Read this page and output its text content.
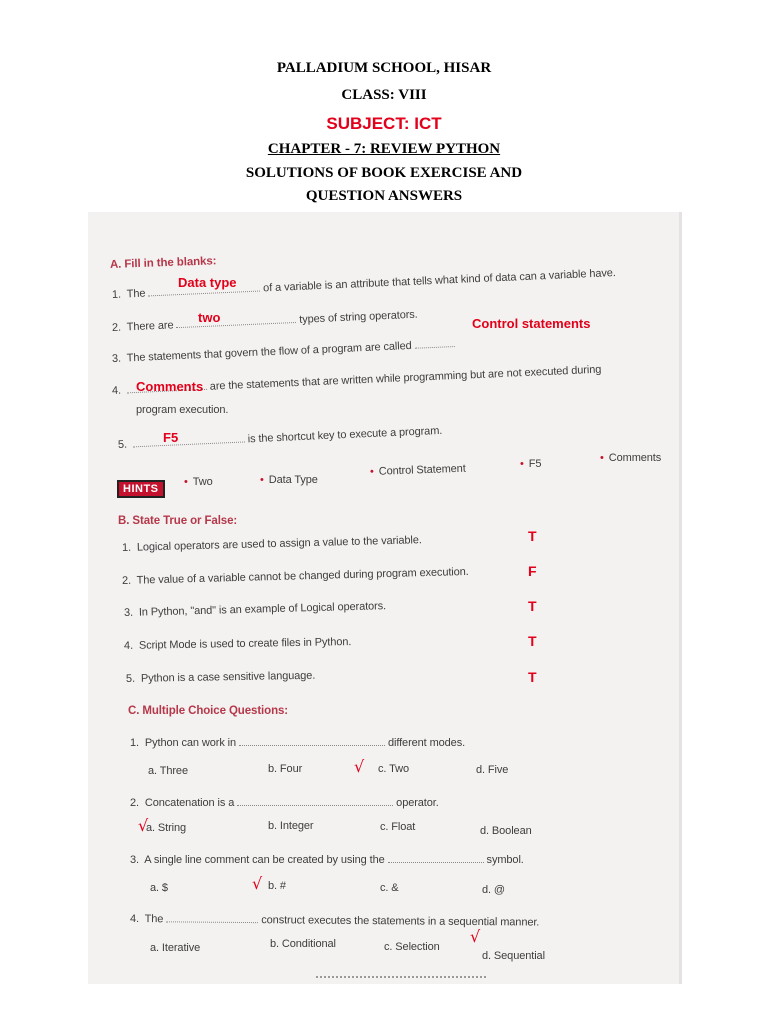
PALLADIUM SCHOOL, HISAR
CLASS: VIII
SUBJECT: ICT
CHAPTER - 7: REVIEW PYTHON
SOLUTIONS OF BOOK EXERCISE AND
QUESTION ANSWERS
A. Fill in the blanks:
1. The	of a variable is an attribute that tells what kind of data can a variable have.
Data type
2. There are  types of string operators.
two
3. The statements that govern the flow of a program are called
Control statements
4.	are the statements that are written while programming but are not executed during
program execution.
Comments
5.	is the shortcut key to execute a program.
F5
HINTS
• Two	• Data Type
• Control Statement	• F5	• Comments
B. State True or False:
1. Logical operators are used to assign a value to the variable.	T
2. The value of a variable cannot be changed during program execution.	F
3. In Python, "and" is an example of Logical operators.	T
4. Script Mode is used to create files in Python.	T
5. Python is a case sensitive language.	T
C. Multiple Choice Questions:
1. Python can work in	different modes.
a. Three	b. Four	c. Two	d. Five
√
2. Concatenation is a	operator.
a. String	b. Integer	c. Float	d. Boolean
√
3. A single line comment can be created by using the	symbol.
a. $	b. #	c. &	d. @
√
4. The	construct executes the statements in a sequential manner.
a. Iterative	b. Conditional	c. Selection
d. Sequential
√
